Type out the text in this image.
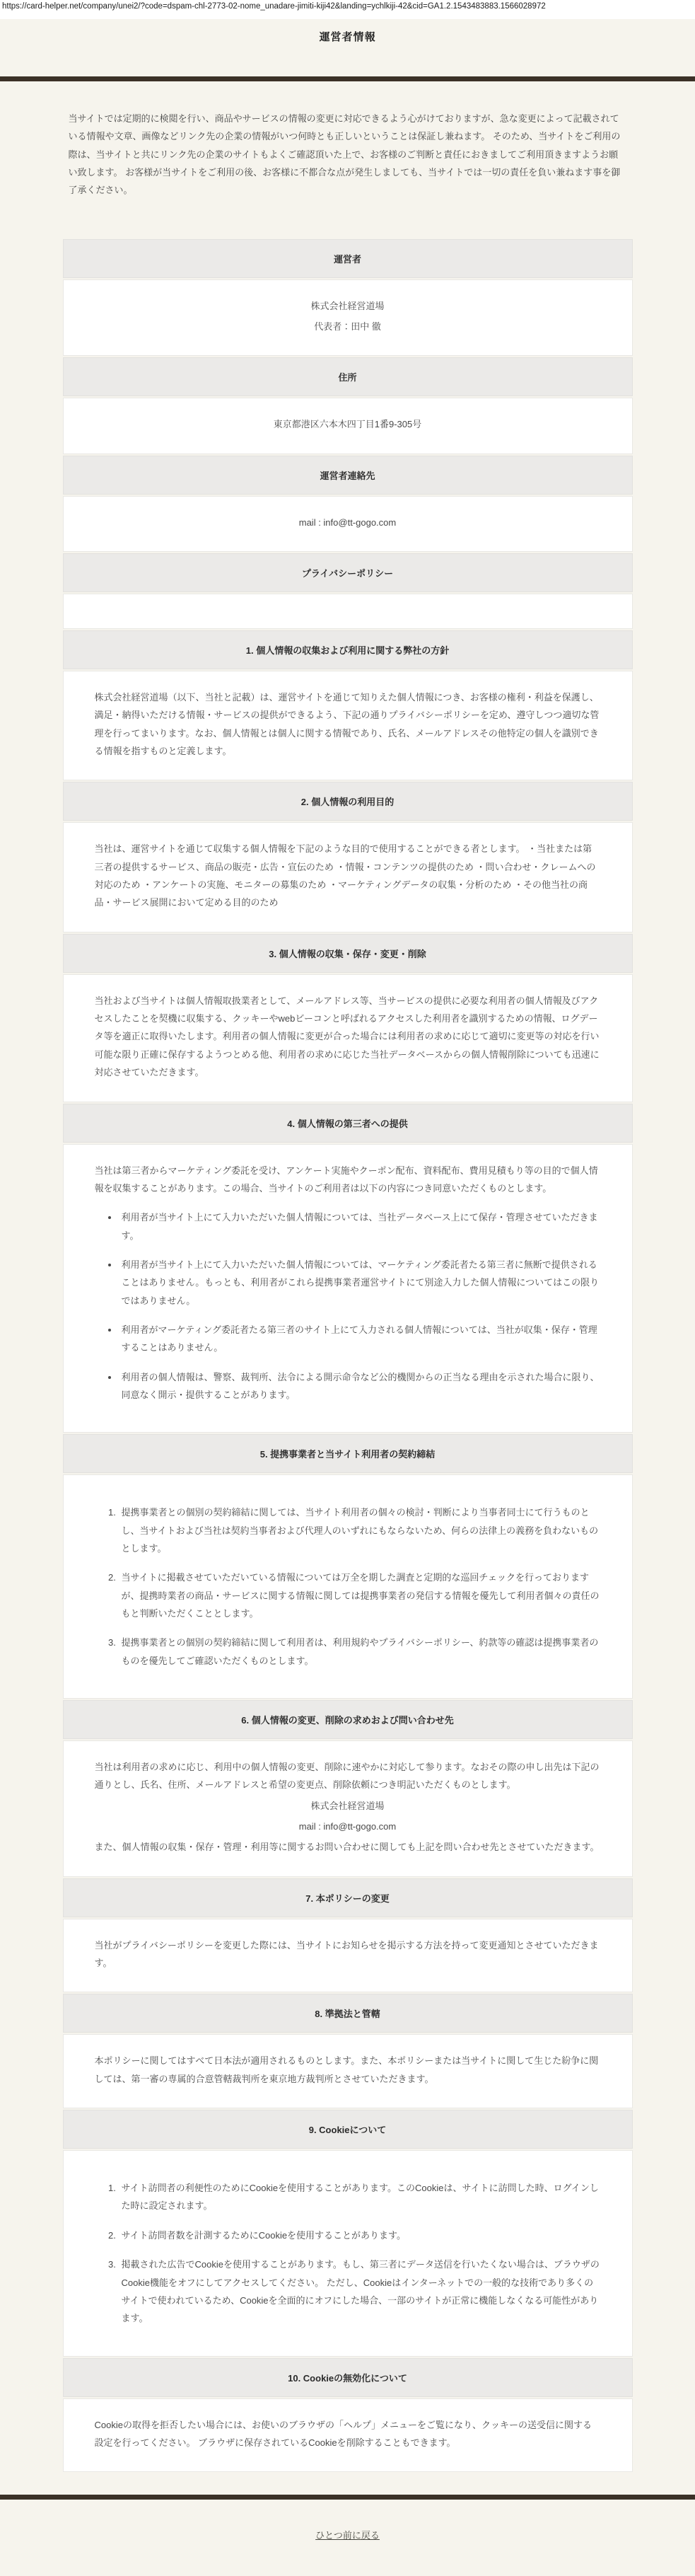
https://card-helper.net/company/unei2/?code=dspam-chl-2773-02-nome_unadare-jimiti-kiji42&landing=ychlkiji-42&cid=GA1.2.1543483883.1566028972
運営者情報

当サイトでは定期的に検閲を行い、商品やサービスの情報の変更に対応できるよう心がけておりますが、急な変更によって記載されている情報や文章、画像などリンク先の企業の情報がいつ何時とも正しいということは保証し兼ねます。 そのため、当サイトをご利用の際は、当サイトと共にリンク先の企業のサイトもよくご確認頂いた上で、お客様のご判断と責任におきましてご利用頂きますようお願い致します。 お客様が当サイトをご利用の後、お客様に不都合な点が発生しましても、当サイトでは一切の責任を負い兼ねます事を御了承ください。

運営者

株式会社経営道場

代表者：田中 徹

住所

東京都港区六本木四丁目1番9-305号

運営者連絡先

mail : info@tt-gogo.com

プライバシーポリシー
1. 個人情報の収集および利用に関する弊社の方針

株式会社経営道場（以下、当社と記載）は、運営サイトを通じて知りえた個人情報につき、お客様の権利・利益を保護し、満足・納得いただける情報・サービスの提供ができるよう、下記の通りプライバシーポリシーを定め、遵守しつつ適切な管理を行ってまいります。なお、個人情報とは個人に関する情報であり、氏名、メールアドレスその他特定の個人を識別できる情報を指すものと定義します。

2. 個人情報の利用目的

当社は、運営サイトを通じて収集する個人情報を下記のような目的で使用することができる者とします。 ・当社または第三者の提供するサービス、商品の販売・広告・宣伝のため ・情報・コンテンツの提供のため ・問い合わせ・クレームへの対応のため ・アンケートの実施、モニターの募集のため ・マーケティングデータの収集・分析のため ・その他当社の商品・サービス展開において定める目的のため

3. 個人情報の収集・保存・変更・削除

当社および当サイトは個人情報取扱業者として、メールアドレス等、当サービスの提供に必要な利用者の個人情報及びアクセスしたことを契機に収集する、クッキーやwebビーコンと呼ばれるアクセスした利用者を識別するための情報、ログデータ等を適正に取得いたします。利用者の個人情報に変更が合った場合には利用者の求めに応じて適切に変更等の対応を行い可能な限り正確に保存するようつとめる他、利用者の求めに応じた当社データベースからの個人情報削除についても迅速に対応させていただきます。

4. 個人情報の第三者への提供

当社は第三者からマーケティング委託を受け、アンケート実施やクーポン配布、資料配布、費用見積もり等の目的で個人情報を収集することがあります。この場合、当サイトのご利用者は以下の内容につき同意いただくものとします。

• 利用者が当サイト上にて入力いただいた個人情報については、当社データベース上にて保存・管理させていただきます。
• 利用者が当サイト上にて入力いただいた個人情報については、マーケティング委託者たる第三者に無断で提供されることはありません。もっとも、利用者がこれら提携事業者運営サイトにて別途入力した個人情報についてはこの限りではありません。
• 利用者がマーケティング委託者たる第三者のサイト上にて入力される個人情報については、当社が収集・保存・管理することはありません。
• 利用者の個人情報は、警察、裁判所、法令による開示命令など公的機関からの正当なる理由を示された場合に限り、同意なく開示・提供することがあります。
5. 提携事業者と当サイト利用者の契約締結
1. 提携事業者との個別の契約締結に関しては、当サイト利用者の個々の検討・判断により当事者同士にて行うものとし、当サイトおよび当社は契約当事者および代理人のいずれにもならないため、何らの法律上の義務を負わないものとします。
2. 当サイトに掲載させていただいている情報については万全を期した調査と定期的な巡回チェックを行っておりますが、提携時業者の商品・サービスに関する情報に関しては提携事業者の発信する情報を優先して利用者個々の責任のもと判断いただくこととします。
3. 提携事業者との個別の契約締結に関して利用者は、利用規約やプライバシーポリシー、約款等の確認は提携事業者のものを優先してご確認いただくものとします。
6. 個人情報の変更、削除の求めおよび問い合わせ先

当社は利用者の求めに応じ、利用中の個人情報の変更、削除に速やかに対応して参ります。なおその際の申し出先は下記の通りとし、氏名、住所、メールアドレスと希望の変更点、削除依頼につき明記いただくものとします。

株式会社経営道場

mail : info@tt-gogo.com

また、個人情報の収集・保存・管理・利用等に関するお問い合わせに関しても上記を問い合わせ先とさせていただきます。

7. 本ポリシーの変更

当社がプライバシーポリシーを変更した際には、当サイトにお知らせを掲示する方法を持って変更通知とさせていただきます。

8. 準拠法と管轄

本ポリシーに関してはすべて日本法が適用されるものとします。また、本ポリシーまたは当サイトに関して生じた紛争に関しては、第一審の専属的合意管轄裁判所を東京地方裁判所とさせていただきます。

9. Cookieについて
1. サイト訪問者の利便性のためにCookieを使用することがあります。このCookieは、サイトに訪問した時、ログインした時に設定されます。
2. サイト訪問者数を計測するためにCookieを使用することがあります。
3. 掲載された広告でCookieを使用することがあります。もし、第三者にデータ送信を行いたくない場合は、ブラウザのCookie機能をオフにしてアクセスしてください。 ただし、Cookieはインターネットでの一般的な技術であり多くのサイトで使われているため、Cookieを全面的にオフにした場合、一部のサイトが正常に機能しなくなる可能性があります。
10. Cookieの無効化について

Cookieの取得を拒否したい場合には、お使いのブラウザの「ヘルプ」メニューをご覧になり、クッキーの送受信に関する 設定を行ってください。 ブラウザに保存されているCookieを削除することもできます。

ひとつ前に戻る
